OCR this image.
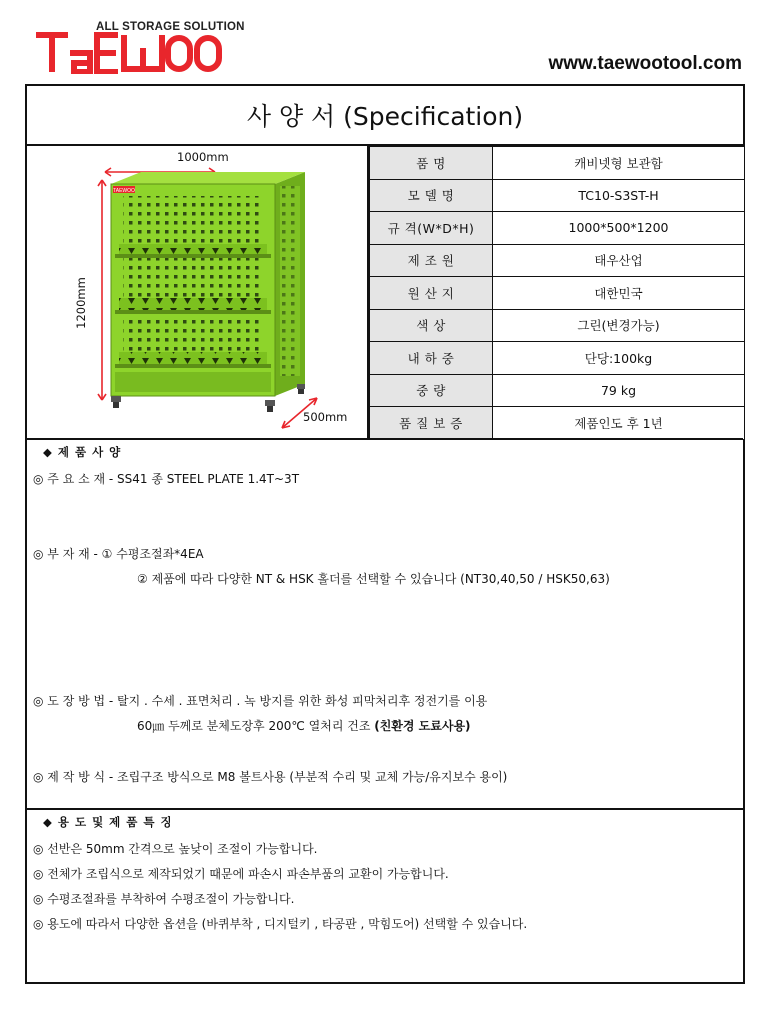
ALL STORAGE SOLUTION
www.taewootool.com
사 양 서 (Specification)
TAEWOO
1000mm
1200mm
500mm
품 명	캐비넷형 보관함
모 델 명	TC10-S3ST-H
규 격(W*D*H)	1000*500*1200
제 조 원	태우산업
원 산 지	대한민국
색 상	그린(변경가능)
내 하 중	단당:100kg
중 량	79 kg
품 질 보 증	제품인도 후 1년
◆ 제 품 사 양
◎ 주 요 소 재 - SS41 종 STEEL PLATE 1.4T~3T
◎ 부 자 재 - ① 수평조절좌*4EA
② 제품에 따라 다양한 NT & HSK 홀더를 선택할 수 있습니다 (NT30,40,50 / HSK50,63)
◎ 도 장 방 법 - 탈지 . 수세 . 표면처리 . 녹 방지를 위한 화성 피막처리후 정전기를 이용
60㎛ 두께로 분체도장후 200℃ 열처리 건조 (친환경 도료사용)
◎ 제 작 방 식 - 조립구조 방식으로 M8 볼트사용 (부분적 수리 및 교체 가능/유지보수 용이)
◆ 용 도 및 제 품 특 징
◎ 선반은 50mm 간격으로 높낮이 조절이 가능합니다.
◎ 전체가 조립식으로 제작되었기 때문에 파손시 파손부품의 교환이 가능합니다.
◎ 수평조절좌를 부착하여 수평조절이 가능합니다.
◎ 용도에 따라서 다양한 옵션을 (바퀴부착 , 디지털키 , 타공판 , 막힘도어) 선택할 수 있습니다.
